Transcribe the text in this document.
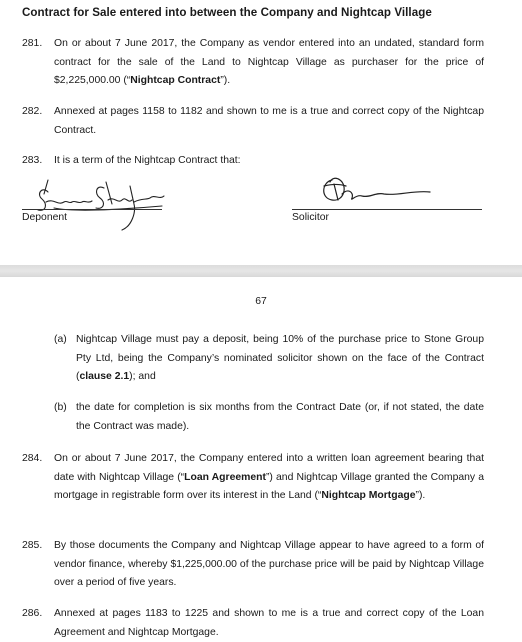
Contract for Sale entered into between the Company and Nightcap Village
281. On or about 7 June 2017, the Company as vendor entered into an undated, standard form contract for the sale of the Land to Nightcap Village as purchaser for the price of $2,225,000.00 (“Nightcap Contract”).
282. Annexed at pages 1158 to 1182 and shown to me is a true and correct copy of the Nightcap Contract.
283. It is a term of the Nightcap Contract that:
Deponent	Solicitor
67
(a) Nightcap Village must pay a deposit, being 10% of the purchase price to Stone Group Pty Ltd, being the Company’s nominated solicitor shown on the face of the Contract (clause 2.1); and
(b) the date for completion is six months from the Contract Date (or, if not stated, the date the Contract was made).
284. On or about 7 June 2017, the Company entered into a written loan agreement bearing that date with Nightcap Village (“Loan Agreement”) and Nightcap Village granted the Company a mortgage in registrable form over its interest in the Land (“Nightcap Mortgage”).
285. By those documents the Company and Nightcap Village appear to have agreed to a form of vendor finance, whereby $1,225,000.00 of the purchase price will be paid by Nightcap Village over a period of five years.
286. Annexed at pages 1183 to 1225 and shown to me is a true and correct copy of the Loan Agreement and Nightcap Mortgage.
